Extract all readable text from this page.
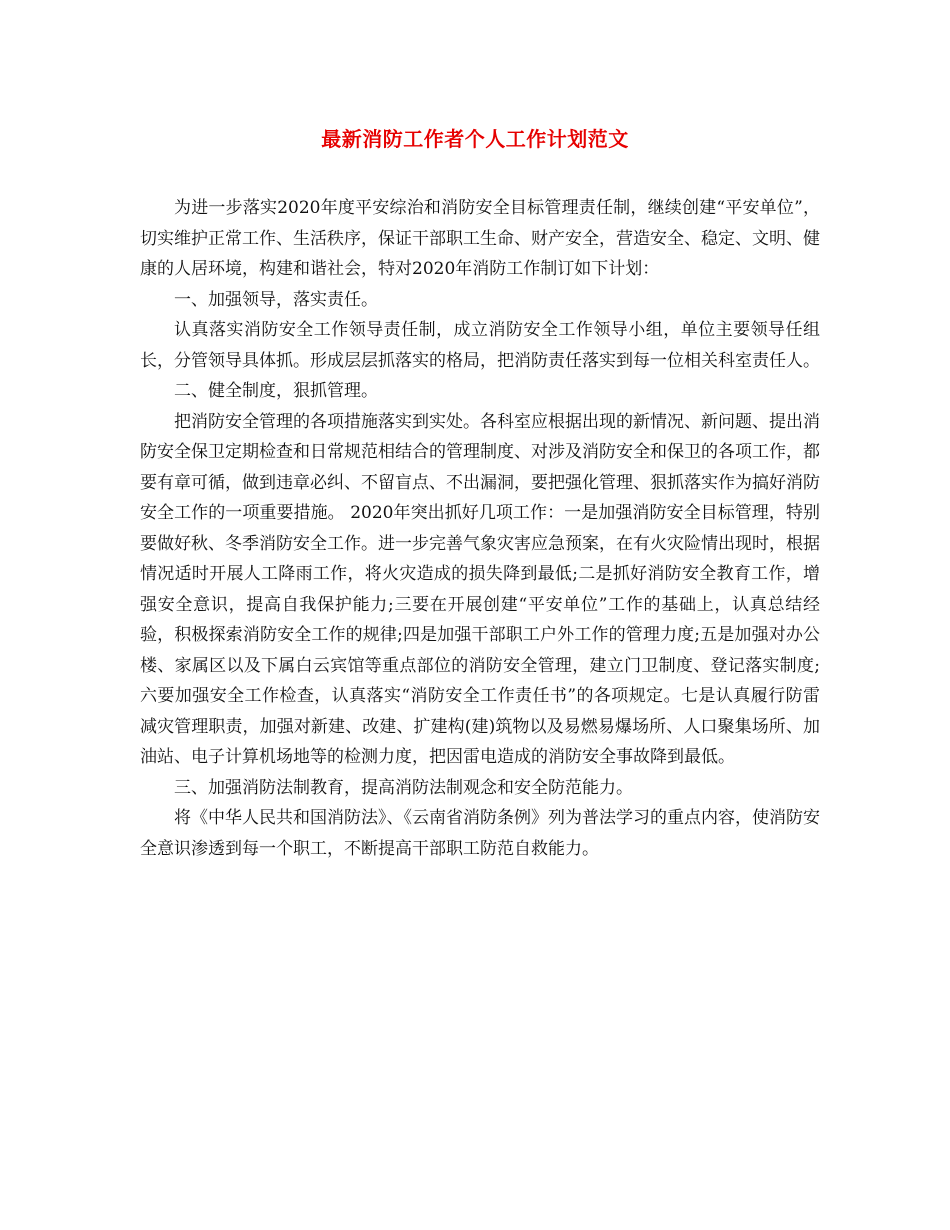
最新消防工作者个人工作计划范文

为进一步落实2020年度平安综治和消防安全目标管理责任制，继续创建“平安单位”，切实维护正常工作、生活秩序，保证干部职工生命、财产安全，营造安全、稳定、文明、健康的人居环境，构建和谐社会，特对2020年消防工作制订如下计划：

一、加强领导，落实责任。

认真落实消防安全工作领导责任制，成立消防安全工作领导小组，单位主要领导任组长，分管领导具体抓。形成层层抓落实的格局，把消防责任落实到每一位相关科室责任人。

二、健全制度，狠抓管理。

把消防安全管理的各项措施落实到实处。各科室应根据出现的新情况、新问题、提出消防安全保卫定期检查和日常规范相结合的管理制度、对涉及消防安全和保卫的各项工作，都要有章可循，做到违章必纠、不留盲点、不出漏洞，要把强化管理、狠抓落实作为搞好消防安全工作的一项重要措施。 2020年突出抓好几项工作：一是加强消防安全目标管理，特别要做好秋、冬季消防安全工作。进一步完善气象灾害应急预案，在有火灾险情出现时，根据情况适时开展人工降雨工作，将火灾造成的损失降到最低;二是抓好消防安全教育工作，增强安全意识，提高自我保护能力;三要在开展创建“平安单位”工作的基础上，认真总结经验，积极探索消防安全工作的规律;四是加强干部职工户外工作的管理力度;五是加强对办公楼、家属区以及下属白云宾馆等重点部位的消防安全管理，建立门卫制度、登记落实制度;六要加强安全工作检查，认真落实“消防安全工作责任书”的各项规定。七是认真履行防雷减灾管理职责，加强对新建、改建、扩建构(建)筑物以及易燃易爆场所、人口聚集场所、加油站、电子计算机场地等的检测力度，把因雷电造成的消防安全事故降到最低。

三、加强消防法制教育，提高消防法制观念和安全防范能力。

将《中华人民共和国消防法》、《云南省消防条例》列为普法学习的重点内容，使消防安全意识渗透到每一个职工，不断提高干部职工防范自救能力。
